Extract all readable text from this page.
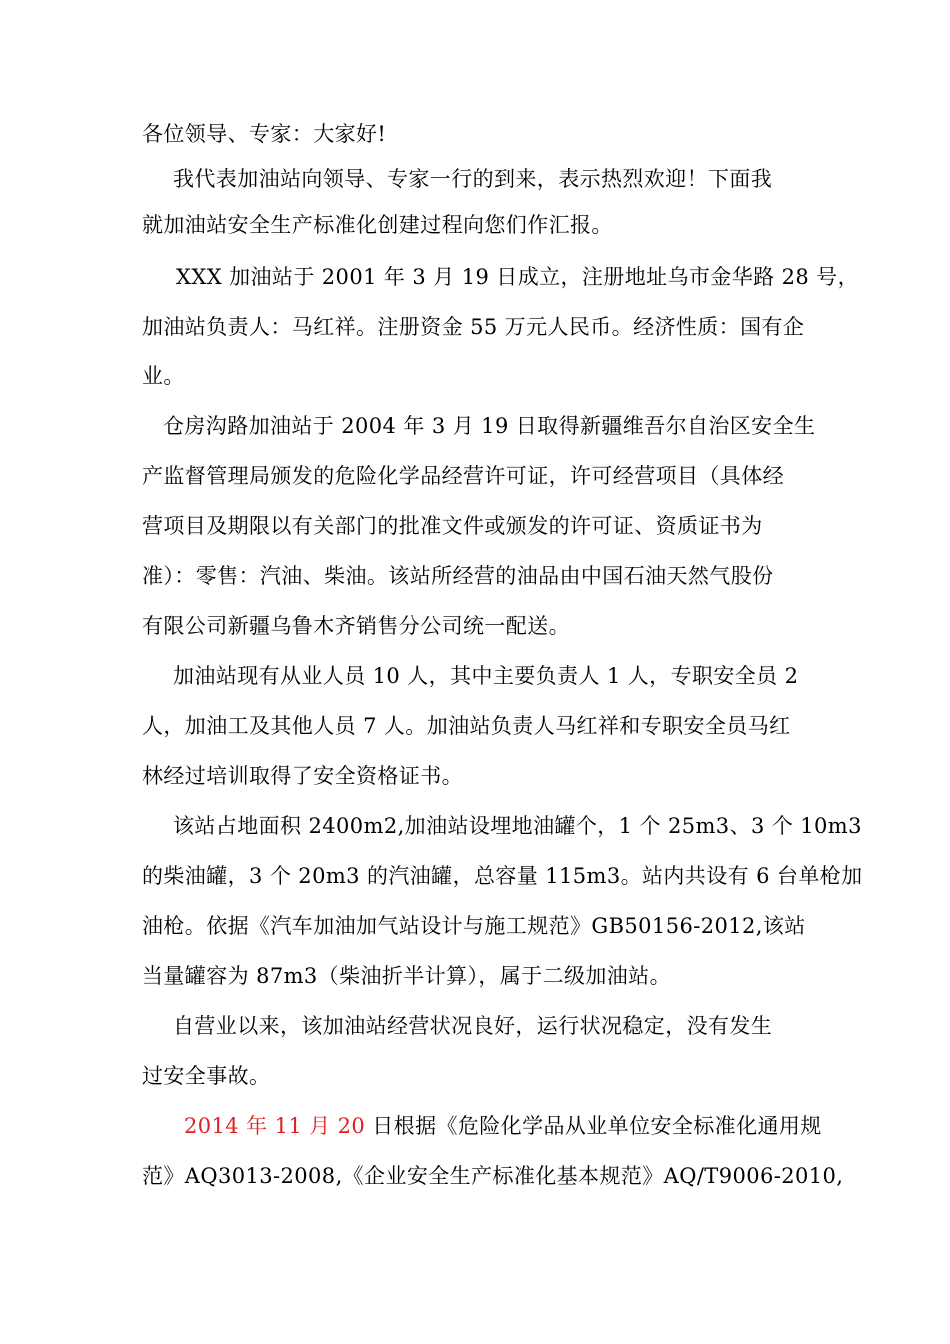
各位领导、专家：大家好!

我代表加油站向领导、专家一行的到来，表示热烈欢迎！下面我

就加油站安全生产标准化创建过程向您们作汇报。

XXX 加油站于 2001 年 3 月 19 日成立，注册地址乌市金华路 28 号，

加油站负责人：马红祥。注册资金 55 万元人民币。经济性质：国有企

业。

仓房沟路加油站于 2004 年 3 月 19 日取得新疆维吾尔自治区安全生

产监督管理局颁发的危险化学品经营许可证，许可经营项目（具体经

营项目及期限以有关部门的批准文件或颁发的许可证、资质证书为

准）：零售：汽油、柴油。该站所经营的油品由中国石油天然气股份

有限公司新疆乌鲁木齐销售分公司统一配送。

加油站现有从业人员 10 人，其中主要负责人 1 人，专职安全员 2

人，加油工及其他人员 7 人。加油站负责人马红祥和专职安全员马红

林经过培训取得了安全资格证书。

该站占地面积 2400m2,加油站设埋地油罐个，1 个 25m3、3 个 10m3

的柴油罐，3 个 20m3 的汽油罐，总容量 115m3。站内共设有 6 台单枪加

油枪。依据《汽车加油加气站设计与施工规范》GB50156-2012,该站

当量罐容为 87m3（柴油折半计算），属于二级加油站。

自营业以来，该加油站经营状况良好，运行状况稳定，没有发生

过安全事故。

2014 年 11 月 20 日根据《危险化学品从业单位安全标准化通用规

范》AQ3013-2008,《企业安全生产标准化基本规范》AQ/T9006-2010,
